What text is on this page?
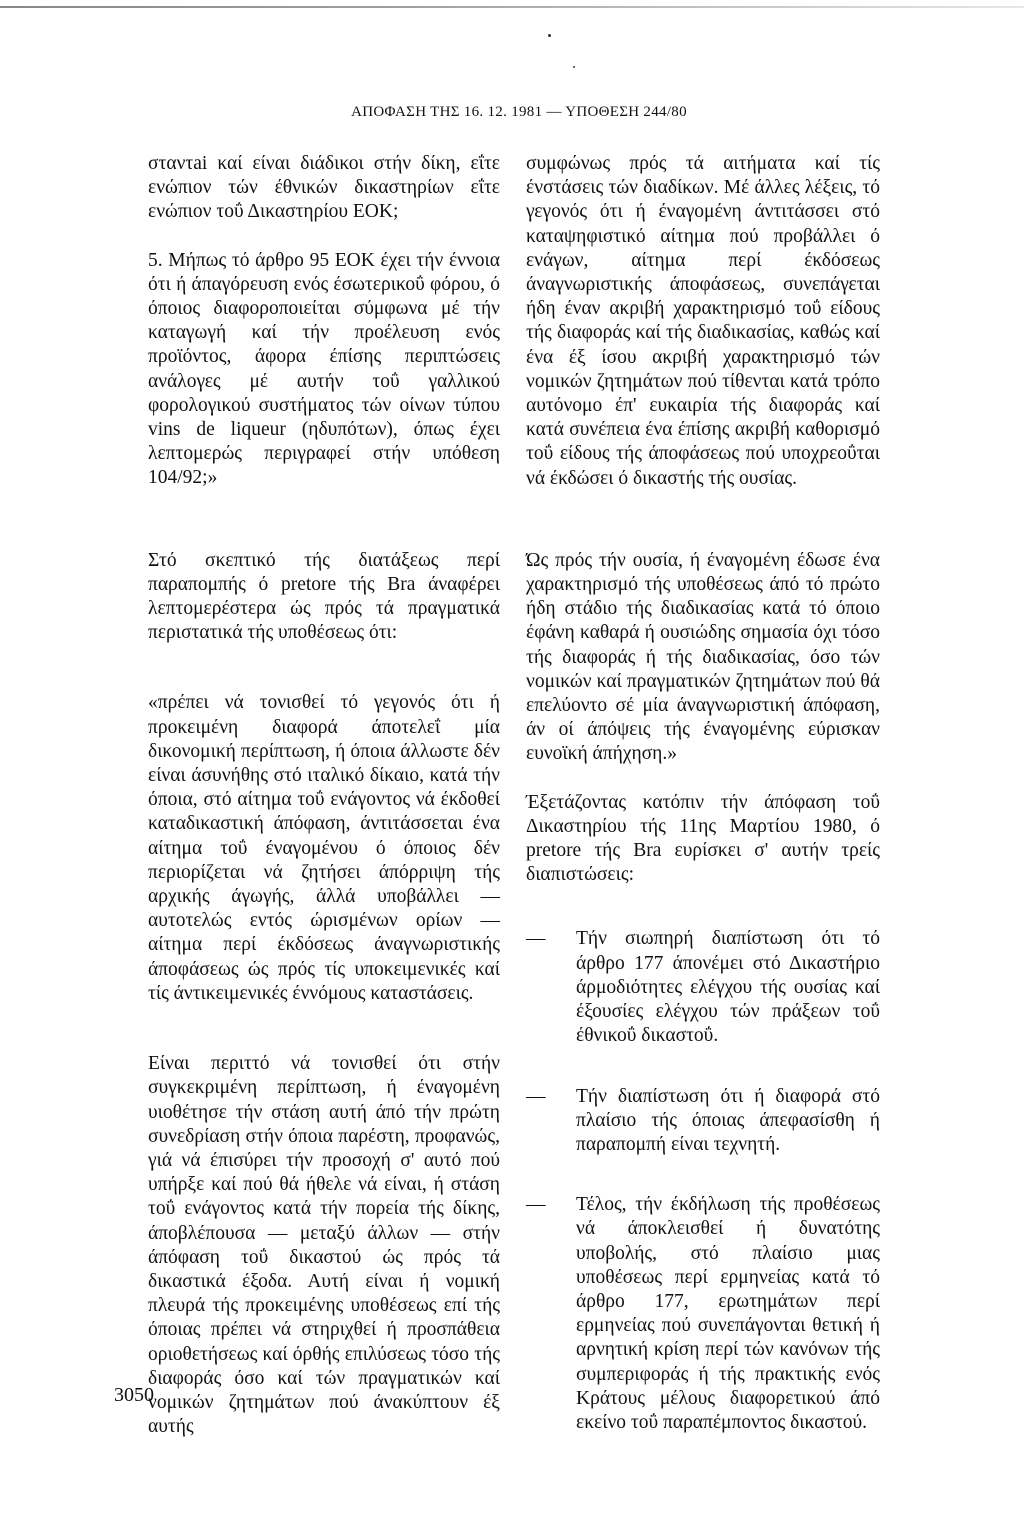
ΑΠΟΦΑΣΗ ΤΗΣ 16. 12. 1981 — ΥΠΟΘΕΣΗ 244/80

σταντai καί είναι διάδικοι στήν δίκη, εΐτε ενώπιον τών έθνικών δικαστηρίων εΐτε ενώπιον τοΰ Δικαστηρίου ΕΟΚ;

5. Μήπως τό άρθρο 95 ΕΟΚ έχει τήν έννοια ότι ή άπαγόρευση ενός έσωτερικοΰ φόρου, ό όποιος διαφοροποιείται σύμφωνα μέ τήν καταγωγή καί τήν προέλευση ενός προϊόντος, άφορα έπίσης περιπτώσεις ανάλογες μέ αυτήν τοΰ γαλλικού φορολογικού συστήματος τών οίνων τύπου vins de liqueur (ηδυπότων), όπως έχει λεπτομερώς περιγραφεί στήν υπόθεση 104/92;»

Στό σκεπτικό τής διατάξεως περί παραπομπής ό pretore τής Bra άναφέρει λεπτομερέστερα ώς πρός τά πραγματικά περιστατικά τής υποθέσεως ότι:

«πρέπει νά τονισθεί τό γεγονός ότι ή προκειμένη διαφορά άποτελεΐ μία δικονομική περίπτωση, ή όποια άλλωστε δέν είναι άσυνήθης στό ιταλικό δίκαιο, κατά τήν όποια, στό αίτημα τοΰ ενάγοντος νά έκδοθεί καταδικαστική άπόφαση, άντιτάσσεται ένα αίτημα τοΰ έναγομένου ό όποιος δέν περιορίζεται νά ζητήσει άπόρριψη τής αρχικής άγωγής, άλλά υποβάλλει — αυτοτελώς εντός ώρισμένων ορίων — αίτημα περί έκδόσεως άναγνωριστικής άποφάσεως ώς πρός τίς υποκειμενικές καί τίς άντικειμενικές έννόμους καταστάσεις.

Είναι περιττό νά τονισθεί ότι στήν συγκεκριμένη περίπτωση, ή έναγομένη υιοθέτησε τήν στάση αυτή άπό τήν πρώτη συνεδρίαση στήν όποια παρέστη, προφανώς, γιά νά έπισύρει τήν προσοχή σ' αυτό πού υπήρξε καί πού θά ήθελε νά είναι, ή στάση τοΰ ενάγοντος κατά τήν πορεία τής δίκης, άποβλέπουσα — μεταξύ άλλων — στήν άπόφαση τοΰ δικαστού ώς πρός τά δικαστικά έξοδα. Αυτή είναι ή νομική πλευρά τής προκειμένης υποθέσεως επί τής όποιας πρέπει νά στηριχθεί ή προσπάθεια οριοθετήσεως καί όρθής επιλύσεως τόσο τής διαφοράς όσο καί τών πραγματικών καί νομικών ζητημάτων πού άνακύπτουν έξ αυτής

συμφώνως πρός τά αιτήματα καί τίς ένστάσεις τών διαδίκων. Μέ άλλες λέξεις, τό γεγονός ότι ή έναγομένη άντιτάσσει στό καταψηφιστικό αίτημα πού προβάλλει ό ενάγων, αίτημα περί έκδόσεως άναγνωριστικής άποφάσεως, συνεπάγεται ήδη έναν ακριβή χαρακτηρισμό τοΰ είδους τής διαφοράς καί τής διαδικασίας, καθώς καί ένα έξ ίσου ακριβή χαρακτηρισμό τών νομικών ζητημάτων πού τίθενται κατά τρόπο αυτόνομο έπ' ευκαιρία τής διαφοράς καί κατά συνέπεια ένα έπίσης ακριβή καθορισμό τοΰ είδους τής άποφάσεως πού υποχρεοΰται νά έκδώσει ό δικαστής τής ουσίας.

Ώς πρός τήν ουσία, ή έναγομένη έδωσε ένα χαρακτηρισμό τής υποθέσεως άπό τό πρώτο ήδη στάδιο τής διαδικασίας κατά τό όποιο έφάνη καθαρά ή ουσιώδης σημασία όχι τόσο τής διαφοράς ή τής διαδικασίας, όσο τών νομικών καί πραγματικών ζητημάτων πού θά επελύοντο σέ μία άναγνωριστική άπόφαση, άν οί άπόψεις τής έναγομένης εύρισκαν ευνοϊκή άπήχηση.»

Έξετάζοντας κατόπιν τήν άπόφαση τοΰ Δικαστηρίου τής 11ης Μαρτίου 1980, ό pretore τής Bra ευρίσκει σ' αυτήν τρείς διαπιστώσεις:

—	Τήν σιωπηρή διαπίστωση ότι τό άρθρο 177 άπονέμει στό Δικαστήριο άρμοδιότητες ελέγχου τής ουσίας καί έξουσίες ελέγχου τών πράξεων τοΰ έθνικοΰ δικαστοΰ.
—	Τήν διαπίστωση ότι ή διαφορά στό πλαίσιο τής όποιας άπεφασίσθη ή παραπομπή είναι τεχνητή.
—	Τέλος, τήν έκδήλωση τής προθέσεως νά άποκλεισθεί ή δυνατότης υποβολής, στό πλαίσιο μιας υποθέσεως περί ερμηνείας κατά τό άρθρο 177, ερωτημάτων περί ερμηνείας πού συνεπάγονται θετική ή αρνητική κρίση περί τών κανόνων τής συμπεριφοράς ή τής πρακτικής ενός Κράτους μέλους διαφορετικού άπό εκείνο τοΰ παραπέμποντος δικαστού.
3050
